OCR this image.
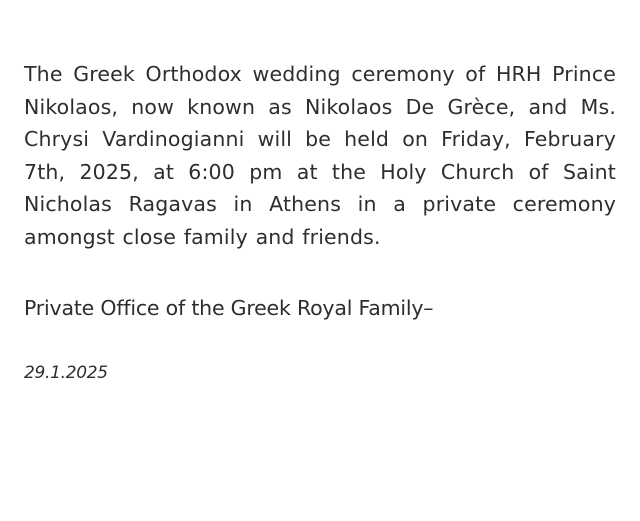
The Greek Orthodox wedding ceremony of HRH Prince Nikolaos, now known as Nikolaos De Grèce, and Ms. Chrysi Vardinogianni will be held on Friday, February 7th, 2025, at 6:00 pm at the Holy Church of Saint Nicholas Ragavas in Athens in a private ceremony amongst close family and friends.

Private Office of the Greek Royal Family–

29.1.2025
